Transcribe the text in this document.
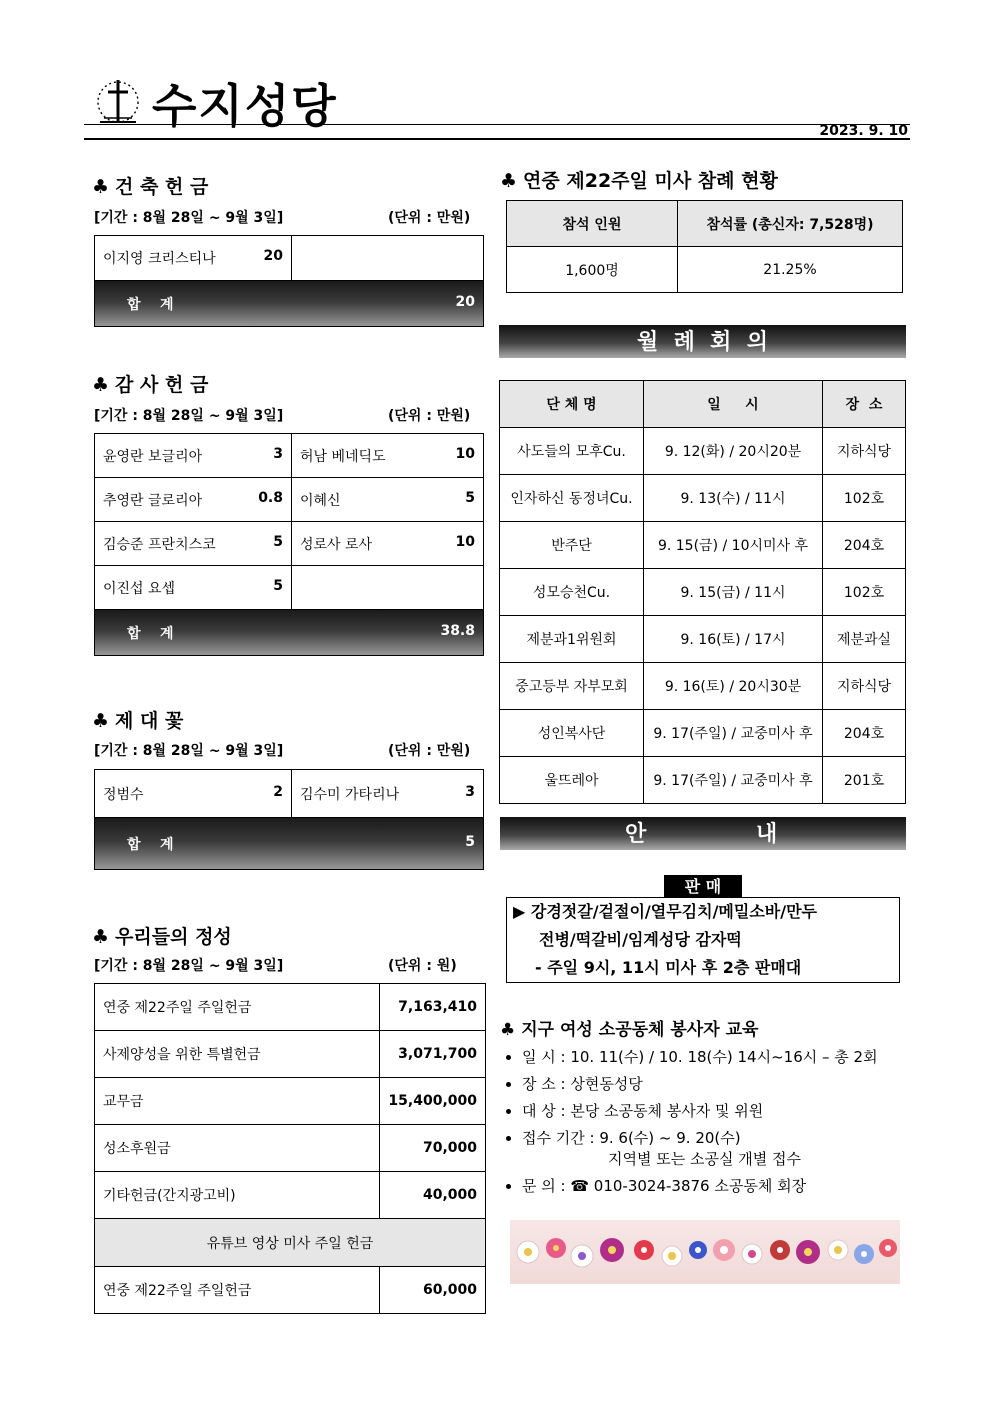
수지성당	2023. 9. 10
♣ 건 축 헌 금
[기간 : 8월 28일 ~ 9월 3일]	(단위 : 만원)
이지영 크리스티나	20

합    계	20
♣ 감 사 헌 금
[기간 : 8월 28일 ~ 9월 3일]	(단위 : 만원)
윤영란 보글리아 3	허남 베네딕도 10

추영란 글로리아 0.8	이혜신 5

김승준 프란치스코 5	성로사 로사 10

이진섭 요셉 5	

합    계 38.8	
♣ 제 대 꽃
[기간 : 8월 28일 ~ 9월 3일]	(단위 : 만원)
정범수	2	김수미 가타리나	3

합    계	5
♣ 우리들의 정성
[기간 : 8월 28일 ~ 9월 3일]	(단위 : 원)
연중 제22주일 주일헌금	7,163,410
사제양성을 위한 특별헌금	3,071,700
교무금	15,400,000
성소후원금	70,000
기타헌금(간지광고비)	40,000
유튜브 영상 미사 주일 헌금	
연중 제22주일 주일헌금	60,000
♣ 연중 제22주일 미사 참례 현황
참석 인원	참석률 (총신자: 7,528명)
1,600명	21.25%
월  례  회  의
단 체 명	일     시	장  소
사도들의 모후Cu.	9. 12(화) / 20시20분	지하식당
인자하신 동정녀Cu.	9. 13(수) / 11시	102호
반주단	9. 15(금) / 10시미사 후	204호
성모승천Cu.	9. 15(금) / 11시	102호
제분과1위원회	9. 16(토) / 17시	제분과실
중고등부 자부모회	9. 16(토) / 20시30분	지하식당
성인복사단	9. 17(주일) / 교중미사 후	204호
울뜨레아	9. 17(주일) / 교중미사 후	201호
안	내
판 매
▶ 강경젓갈/겉절이/열무김치/메밀소바/만두
전병/떡갈비/임계성당 감자떡
- 주일 9시, 11시 미사 후 2층 판매대
♣ 지구 여성 소공동체 봉사자 교육
• 일 시 : 10. 11(수) / 10. 18(수) 14시~16시 – 총 2회
• 장 소 : 상현동성당
• 대 상 : 본당 소공동체 봉사자 및 위원
• 접수 기간 : 9. 6(수) ~ 9. 20(수)
지역별 또는 소공실 개별 접수
• 문 의 : ☎ 010-3024-3876 소공동체 회장
